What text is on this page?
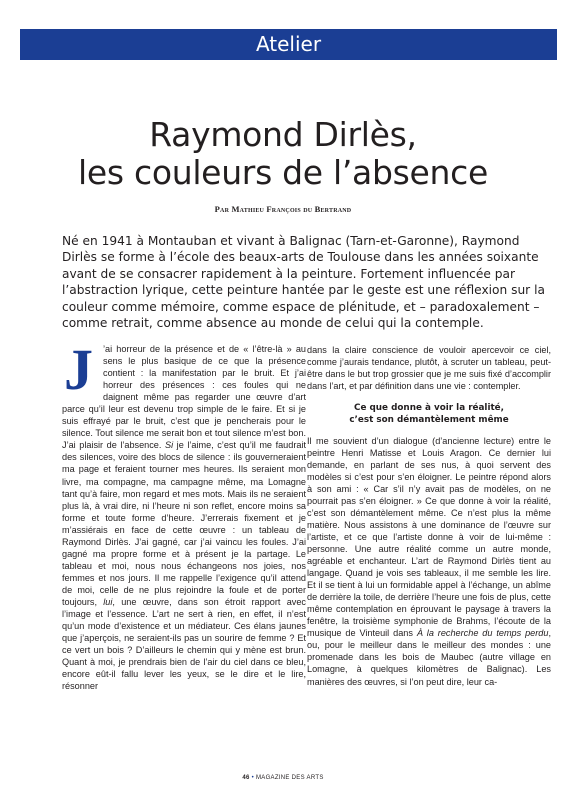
Atelier
Raymond Dirlès,
les couleurs de l’absence
Par Mathieu François du Bertrand

Né en 1941 à Montauban et vivant à Balignac (Tarn-et-Garonne), Raymond Dirlès se forme à l’école des beaux-arts de Toulouse dans les années soixante avant de se consacrer rapidement à la peinture. Fortement influencée par l’abstraction lyrique, cette peinture hantée par le geste est une réflexion sur la couleur comme mémoire, comme espace de plénitude, et – paradoxalement – comme retrait, comme absence au monde de celui qui la contemple.

J ’ai horreur de la présence et de « l’être-là » au sens le plus basique de ce que la présence contient : la manifestation par le bruit. Et j’ai horreur des présences : ces foules qui ne daignent même pas regarder une œuvre d’art parce qu’il leur est devenu trop simple de le faire. Et si je suis effrayé par le bruit, c’est que je pencherais pour le silence. Tout silence me serait bon et tout silence m’est bon. J’ai plaisir de l’absence. Si je l’aime, c’est qu’il me faudrait des silences, voire des blocs de silence : ils gouverneraient ma page et feraient tourner mes heures. Ils seraient mon livre, ma compagne, ma campagne même, ma Lomagne tant qu’à faire, mon regard et mes mots. Mais ils ne seraient plus là, à vrai dire, ni l’heure ni son reflet, encore moins sa forme et toute forme d’heure. J’errerais fixement et je m’assiérais en face de cette œuvre : un tableau de Raymond Dirlès. J’ai gagné, car j’ai vaincu les foules. J’ai gagné ma propre forme et à présent je la partage. Le tableau et moi, nous nous échangeons nos joies, nos femmes et nos jours. Il me rappelle l’exigence qu’il attend de moi, celle de ne plus rejoindre la foule et de porter toujours, lui, une œuvre, dans son étroit rapport avec l’image et l’essence. L’art ne sert à rien, en effet, il n’est qu’un mode d’existence et un médiateur. Ces élans jaunes que j’aperçois, ne seraient-ils pas un sourire de femme ? Et ce vert un bois ? D’ailleurs le chemin qui y mène est brun. Quant à moi, je prendrais bien de l’air du ciel dans ce bleu, encore eût-il fallu lever les yeux, se le dire et le lire, résonner

dans la claire conscience de vouloir apercevoir ce ciel, comme j’aurais tendance, plutôt, à scruter un tableau, peut-être dans le but trop grossier que je me suis fixé d’accomplir dans l’art, et par définition dans une vie : contempler.

Ce que donne à voir la réalité,
c’est son démantèlement même

Il me souvient d’un dialogue (d’ancienne lecture) entre le peintre Henri Matisse et Louis Aragon. Ce dernier lui demande, en parlant de ses nus, à quoi servent des modèles si c’est pour s’en éloigner. Le peintre répond alors à son ami : « Car s’il n’y avait pas de modèles, on ne pourrait pas s’en éloigner. » Ce que donne à voir la réalité, c’est son démantèlement même. Ce n’est plus la même matière. Nous assistons à une dominance de l’œuvre sur l’artiste, et ce que l’artiste donne à voir de lui-même : personne. Une autre réalité comme un autre monde, agréable et enchanteur. L’art de Raymond Dirlès tient au langage. Quand je vois ses tableaux, il me semble les lire. Et il se tient à lui un formidable appel à l’échange, un abîme de derrière la toile, de derrière l’heure une fois de plus, cette même contemplation en éprouvant le paysage à travers la fenêtre, la troisième symphonie de Brahms, l’écoute de la musique de Vinteuil dans À la recherche du temps perdu, ou, pour le meilleur dans le meilleur des mondes : une promenade dans les bois de Maubec (autre village en Lomagne, à quelques kilomètres de Balignac). Les manières des œuvres, si l’on peut dire, leur ca-

46 • MAGAZINE DES ARTS
